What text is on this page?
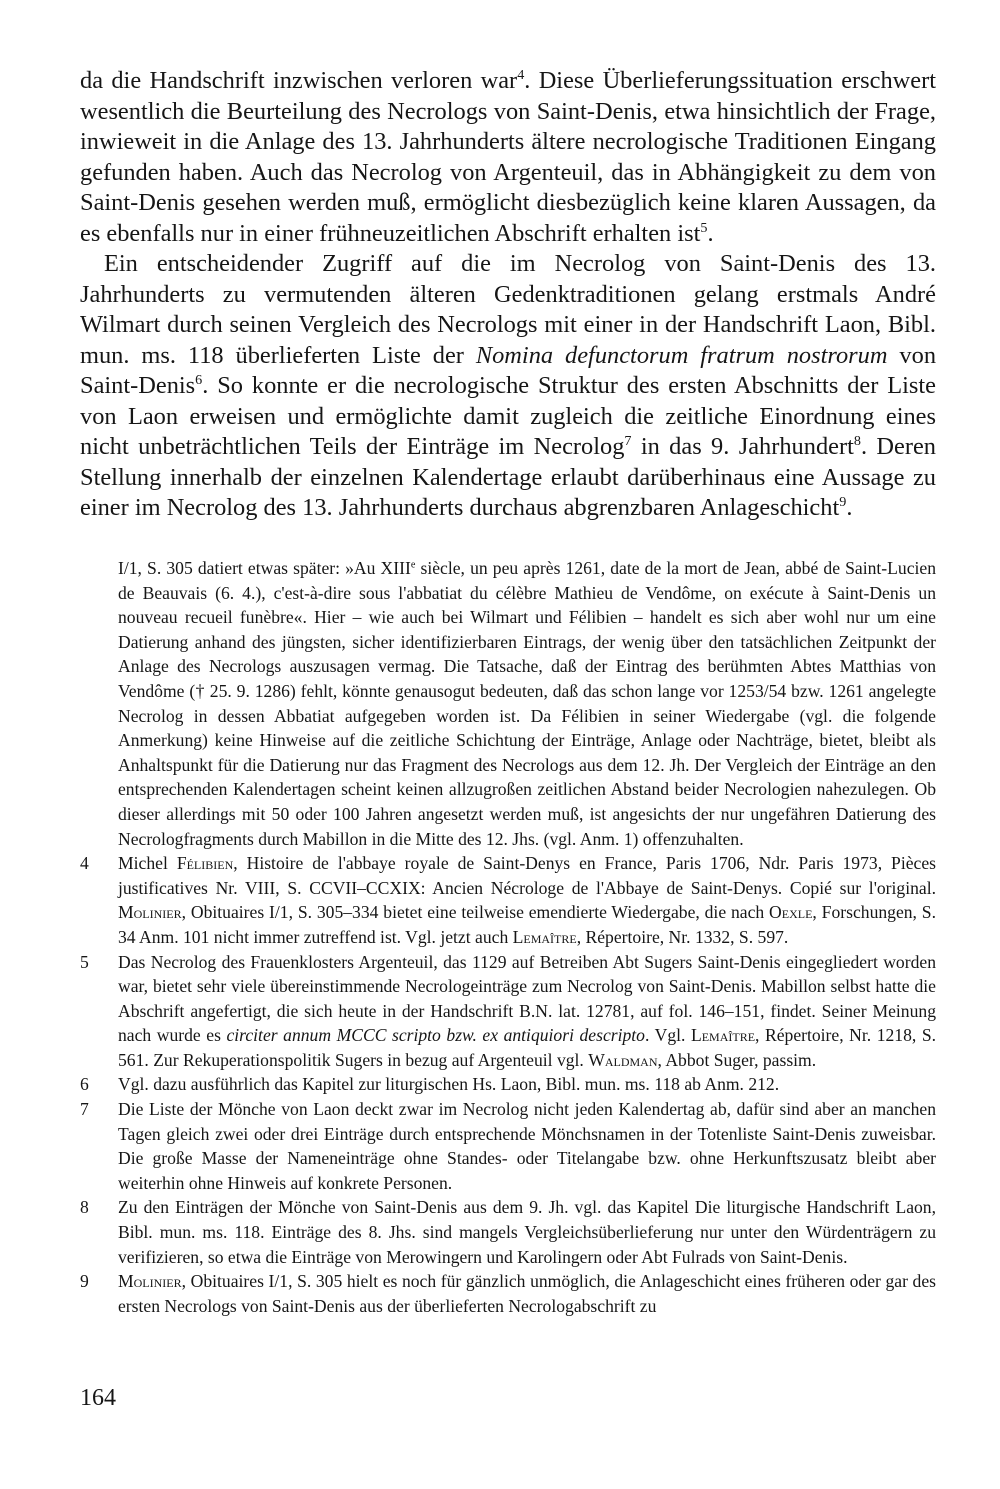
da die Handschrift inzwischen verloren war$^4$. Diese Überlieferungssituation erschwert wesentlich die Beurteilung des Necrologs von Saint-Denis, etwa hinsichtlich der Frage, inwieweit in die Anlage des 13. Jahrhunderts ältere necrologische Traditionen Eingang gefunden haben. Auch das Necrolog von Argenteuil, das in Abhängigkeit zu dem von Saint-Denis gesehen werden muß, ermöglicht diesbezüglich keine klaren Aussagen, da es ebenfalls nur in einer frühneuzeitlichen Abschrift erhalten ist$^5$.

Ein entscheidender Zugriff auf die im Necrolog von Saint-Denis des 13. Jahrhunderts zu vermutenden älteren Gedenktraditionen gelang erstmals André Wilmart durch seinen Vergleich des Necrologs mit einer in der Handschrift Laon, Bibl. mun. ms. 118 überlieferten Liste der Nomina defunctorum fratrum nostrorum von Saint-Denis$^6$. So konnte er die necrologische Struktur des ersten Abschnitts der Liste von Laon erweisen und ermöglichte damit zugleich die zeitliche Einordnung eines nicht unbeträchtlichen Teils der Einträge im Necrolog$^7$ in das 9. Jahrhundert$^8$. Deren Stellung innerhalb der einzelnen Kalendertage erlaubt darüberhinaus eine Aussage zu einer im Necrolog des 13. Jahrhunderts durchaus abgrenzbaren Anlageschicht$^9$.

I/1, S. 305 datiert etwas später: »Au XIIIe siècle, un peu après 1261, date de la mort de Jean, abbé de Saint-Lucien de Beauvais (6. 4.), c'est-à-dire sous l'abbatiat du célèbre Mathieu de Vendôme, on exécute à Saint-Denis un nouveau recueil funèbre«. Hier – wie auch bei Wilmart und Félibien – handelt es sich aber wohl nur um eine Datierung anhand des jüngsten, sicher identifizierbaren Eintrags, der wenig über den tatsächlichen Zeitpunkt der Anlage des Necrologs auszusagen vermag. Die Tatsache, daß der Eintrag des berühmten Abtes Matthias von Vendôme († 25. 9. 1286) fehlt, könnte genausogut bedeuten, daß das schon lange vor 1253/54 bzw. 1261 angelegte Necrolog in dessen Abbatiat aufgegeben worden ist. Da Félibien in seiner Wiedergabe (vgl. die folgende Anmerkung) keine Hinweise auf die zeitliche Schichtung der Einträge, Anlage oder Nachträge, bietet, bleibt als Anhaltspunkt für die Datierung nur das Fragment des Necrologs aus dem 12. Jh. Der Vergleich der Einträge an den entsprechenden Kalendertagen scheint keinen allzugroßen zeitlichen Abstand beider Necrologien nahezulegen. Ob dieser allerdings mit 50 oder 100 Jahren angesetzt werden muß, ist angesichts der nur ungefähren Datierung des Necrologfragments durch Mabillon in die Mitte des 12. Jhs. (vgl. Anm. 1) offenzuhalten.
4	Michel Félibien, Histoire de l'abbaye royale de Saint-Denys en France, Paris 1706, Ndr. Paris 1973, Pièces justificatives Nr. VIII, S. CCVII–CCXIX: Ancien Nécrologe de l'Abbaye de Saint-Denys. Copié sur l'original. Molinier, Obituaires I/1, S. 305–334 bietet eine teilweise emendierte Wiedergabe, die nach Oexle, Forschungen, S. 34 Anm. 101 nicht immer zutreffend ist. Vgl. jetzt auch Lemaître, Répertoire, Nr. 1332, S. 597.
5	Das Necrolog des Frauenklosters Argenteuil, das 1129 auf Betreiben Abt Sugers Saint-Denis eingegliedert worden war, bietet sehr viele übereinstimmende Necrologeinträge zum Necrolog von Saint-Denis. Mabillon selbst hatte die Abschrift angefertigt, die sich heute in der Handschrift B.N. lat. 12781, auf fol. 146–151, findet. Seiner Meinung nach wurde es circiter annum MCCC scripto bzw. ex antiquiori descripto. Vgl. Lemaître, Répertoire, Nr. 1218, S. 561. Zur Rekuperationspolitik Sugers in bezug auf Argenteuil vgl. Waldman, Abbot Suger, passim.
6	Vgl. dazu ausführlich das Kapitel zur liturgischen Hs. Laon, Bibl. mun. ms. 118 ab Anm. 212.
7	Die Liste der Mönche von Laon deckt zwar im Necrolog nicht jeden Kalendertag ab, dafür sind aber an manchen Tagen gleich zwei oder drei Einträge durch entsprechende Mönchsnamen in der Totenliste Saint-Denis zuweisbar. Die große Masse der Nameneinträge ohne Standes- oder Titelangabe bzw. ohne Herkunftszusatz bleibt aber weiterhin ohne Hinweis auf konkrete Personen.
8	Zu den Einträgen der Mönche von Saint-Denis aus dem 9. Jh. vgl. das Kapitel Die liturgische Handschrift Laon, Bibl. mun. ms. 118. Einträge des 8. Jhs. sind mangels Vergleichsüberlieferung nur unter den Würdenträgern zu verifizieren, so etwa die Einträge von Merowingern und Karolingern oder Abt Fulrads von Saint-Denis.
9	Molinier, Obituaires I/1, S. 305 hielt es noch für gänzlich unmöglich, die Anlageschicht eines früheren oder gar des ersten Necrologs von Saint-Denis aus der überlieferten Necrologabschrift zu
164
